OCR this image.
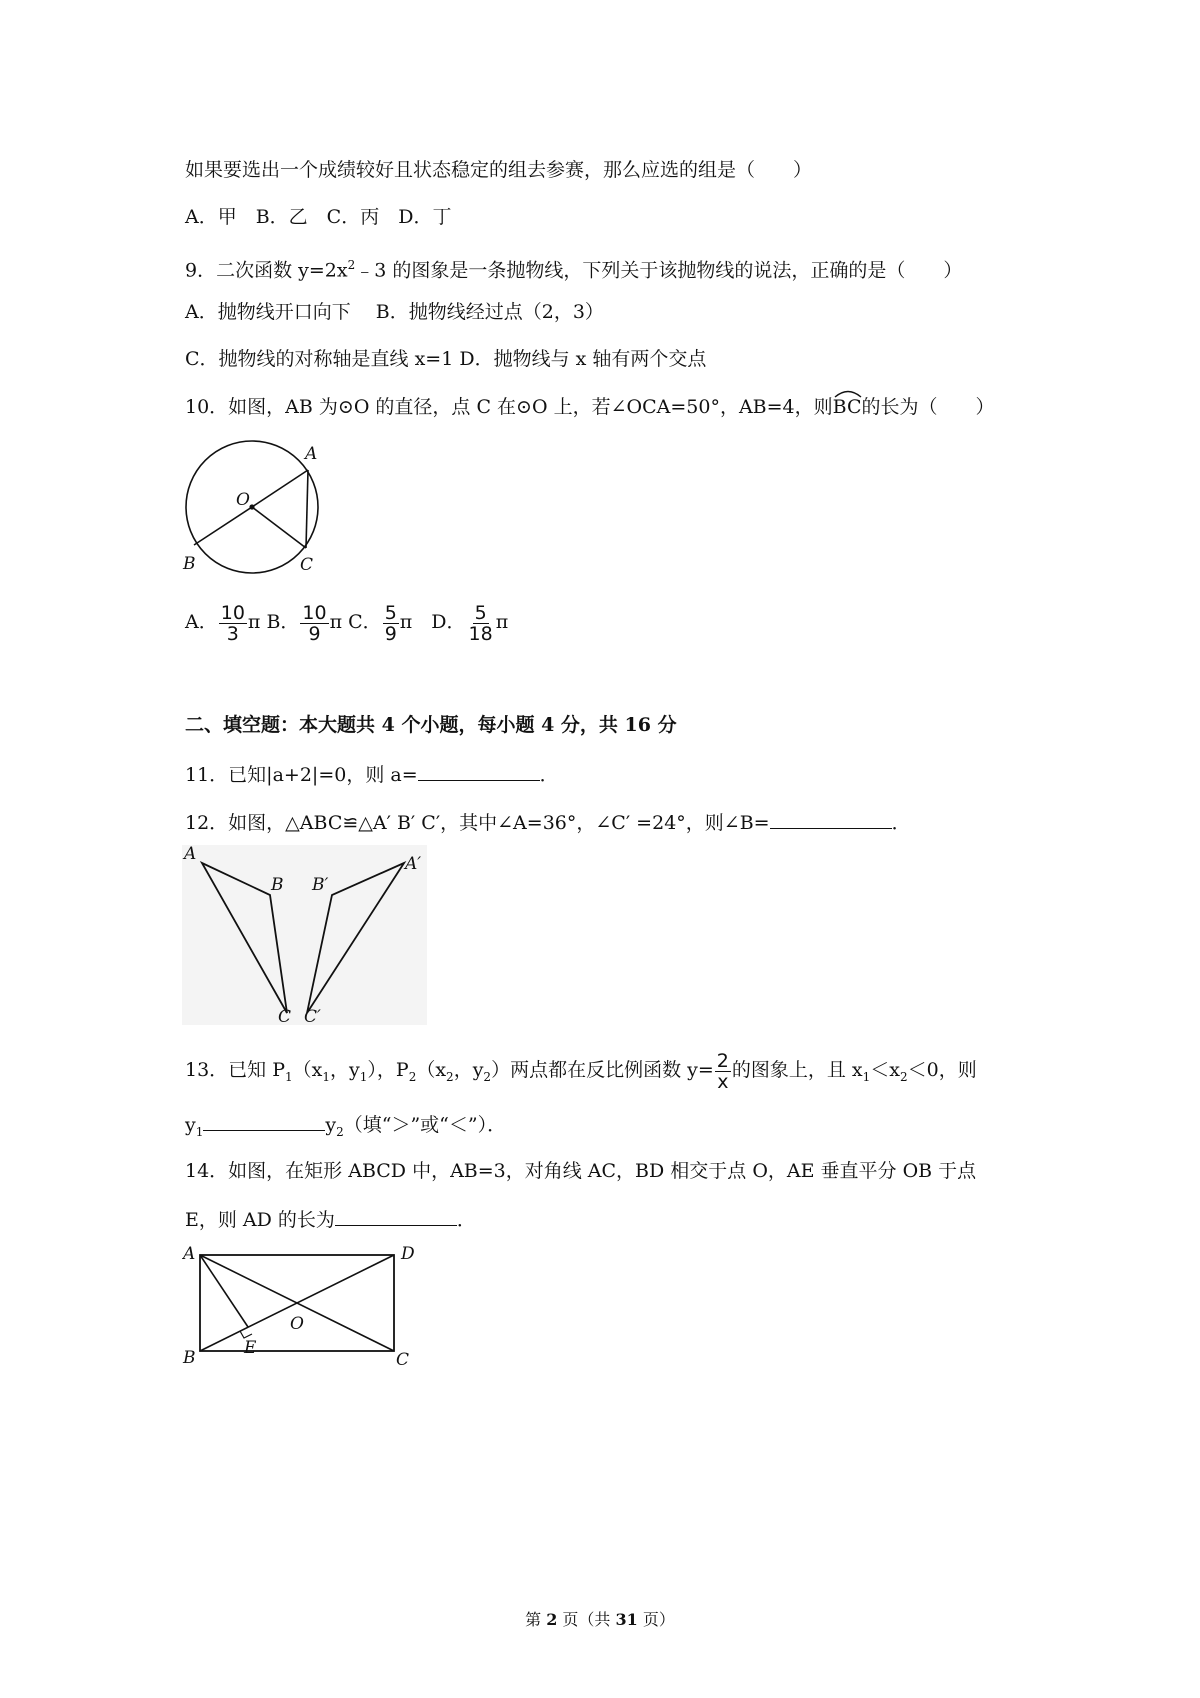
如果要选出一个成绩较好且状态稳定的组去参赛，那么应选的组是（　　）
A．甲　B．乙　C．丙　D．丁
9．二次函数 $y=2x^2﹣3$ 的图象是一条抛物线，下列关于该抛物线的说法，正确的是（　　）
A．抛物线开口向下　 B．抛物线经过点（2，3）
C．抛物线的对称轴是直线 x=1 D．抛物线与 x 轴有两个交点
10．如图，AB 为⊙O 的直径，点 C 在⊙O 上，若∠OCA=50°，AB=4，则
BC的长为（　　）
A
O
B	C
A． $\frac{10}{3}$ π B． $\frac{10}{9}$ π C． $\frac{5}{9}$ π　D． $\frac{5}{18}$ π
二、填空题：本大题共 4 个小题，每小题 4 分，共 16 分
11．已知|a+2|=0，则 a=	．
12．如图，△ABC≌△A′ B′ C′，其中∠A=36°，∠C′ =24°，则∠B=	．
A
B
C
A′
B′
C′
13．已知 $P_1(x_1$，$y_1$），$P_2(x_2$，$y_2$）两点都在反比例函数 $y= \frac{2}{x}$ 的图象上，且 $x_1<x_2<0$，则
$y_1$	$y_2$（填“＞”或“＜”）．
14．如图，在矩形 ABCD 中，AB=3，对角线 AC，BD 相交于点 O，AE 垂直平分 OB 于点
E，则 AD 的长为	．
A	D
B	C
E
O
第 2 页（共 31 页）
